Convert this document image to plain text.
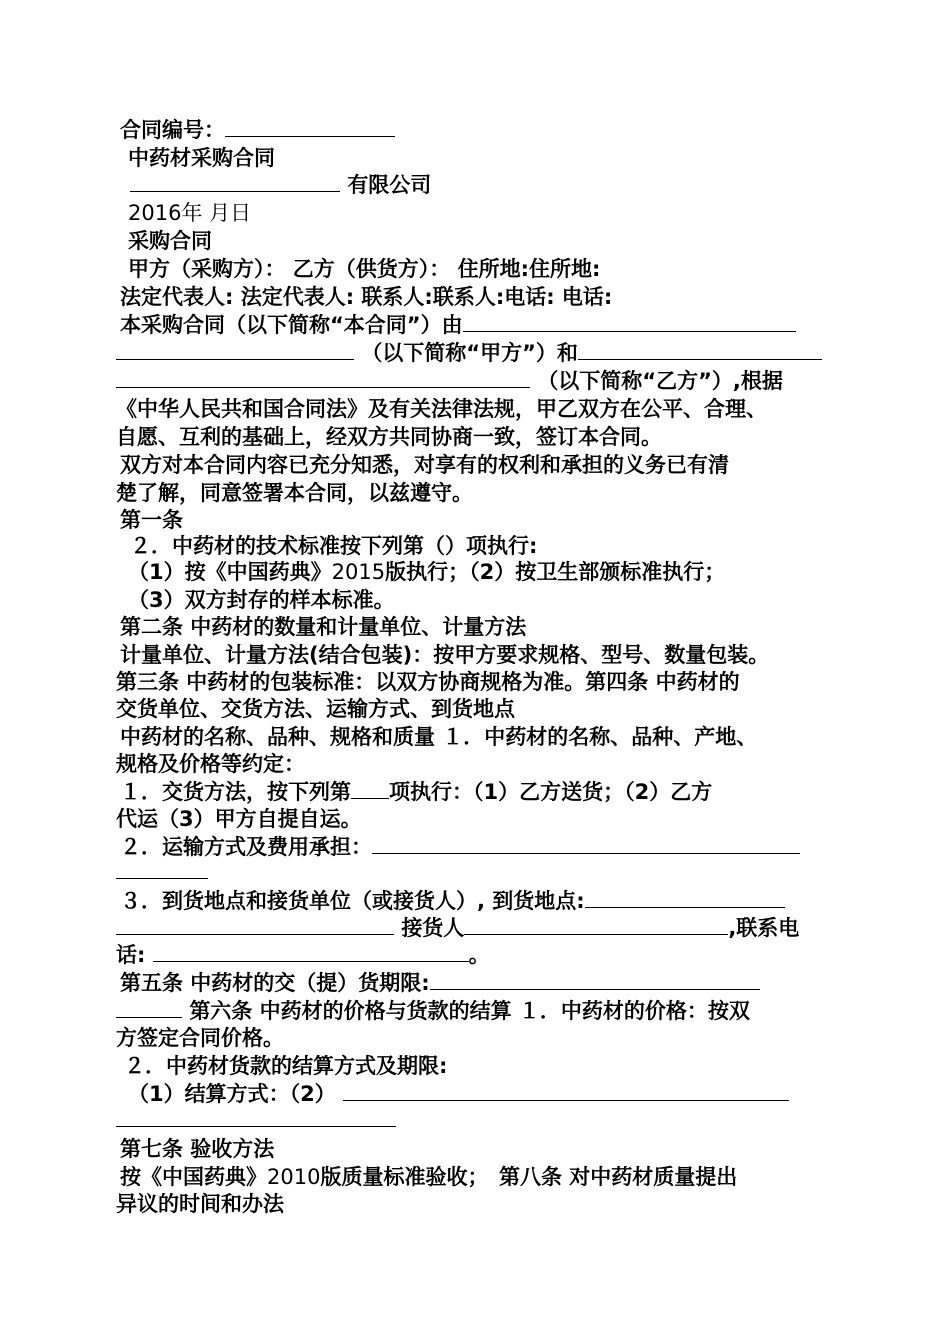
合同编号：
中药材采购合同
有限公司
2016年 月日
采购合同
甲方（采购方）： 乙方（供货方）： 住所地:住所地:
法定代表人: 法定代表人: 联系人:联系人:电话: 电话:
本采购合同（以下简称“本合同”）由
（以下简称“甲方”）和
（以下简称“乙方”）,根据
《中华人民共和国合同法》及有关法律法规，甲乙双方在公平、合理、
自愿、互利的基础上，经双方共同协商一致，签订本合同。
双方对本合同内容已充分知悉，对享有的权利和承担的义务已有清
楚了解，同意签署本合同，以兹遵守。
第一条
２．中药材的技术标准按下列第（）项执行:
（1）按《中国药典》2015版执行；（2）按卫生部颁标准执行；
（3）双方封存的样本标准。
第二条 中药材的数量和计量单位、计量方法
计量单位、计量方法(结合包装)：按甲方要求规格、型号、数量包装。
第三条 中药材的包装标准：以双方协商规格为准。第四条 中药材的
交货单位、交货方法、运输方式、到货地点
中药材的名称、品种、规格和质量 １．中药材的名称、品种、产地、
规格及价格等约定：
１．交货方法，按下列第 项执行：（1）乙方送货；（2）乙方
代运（3）甲方自提自运。
２．运输方式及费用承担：
３．到货地点和接货单位（或接货人）, 到货地点:
接货人	,联系电
话:	。
第五条 中药材的交（提）货期限:
第六条 中药材的价格与货款的结算 １．中药材的价格：按双
方签定合同价格。
２．中药材货款的结算方式及期限:
（1）结算方式：（2）
第七条 验收方法
按《中国药典》2010版质量标准验收；　第八条 对中药材质量提出
异议的时间和办法
